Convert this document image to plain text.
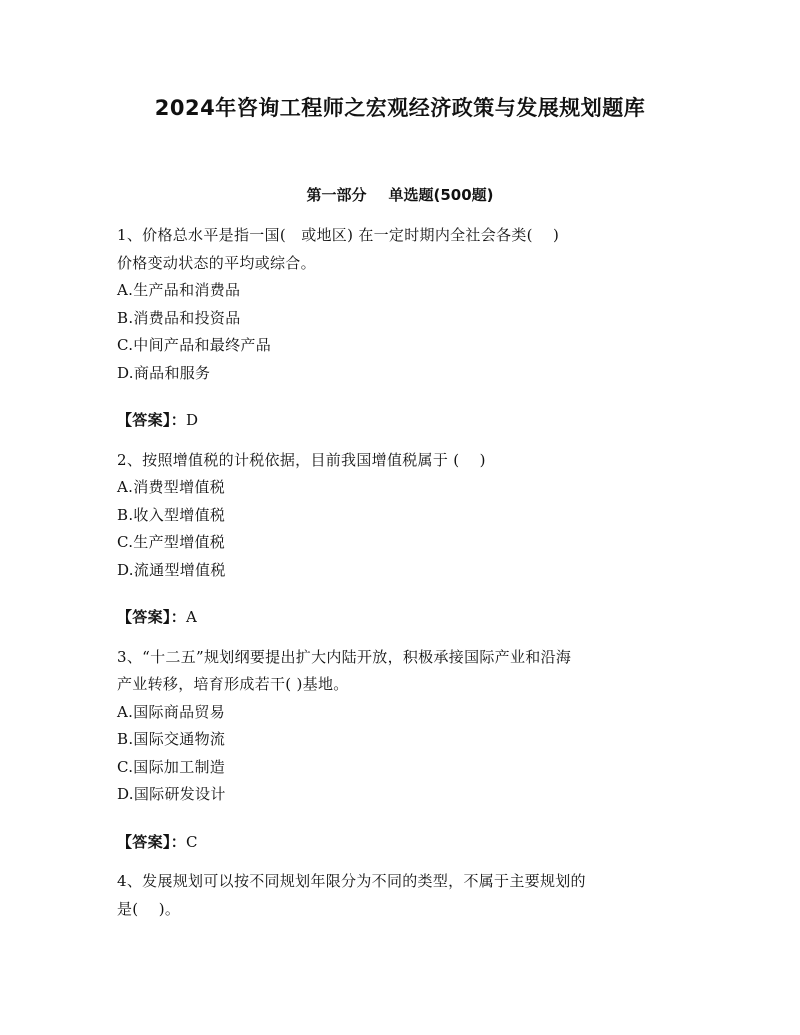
2024年咨询工程师之宏观经济政策与发展规划题库
第一部分 单选题(500题)
1、价格总水平是指一国(   或地区) 在一定时期内全社会各类(    )
价格变动状态的平均或综合。
A.生产品和消费品
B.消费品和投资品
C.中间产品和最终产品
D.商品和服务
【答案】：D
2、按照增值税的计税依据，目前我国增值税属于 (    )
A.消费型增值税
B.收入型增值税
C.生产型增值税
D.流通型增值税
【答案】：A
3、“十二五”规划纲要提出扩大内陆开放，积极承接国际产业和沿海
产业转移，培育形成若干( )基地。
A.国际商品贸易
B.国际交通物流
C.国际加工制造
D.国际研发设计
【答案】：C
4、发展规划可以按不同规划年限分为不同的类型，不属于主要规划的
是(    )。
